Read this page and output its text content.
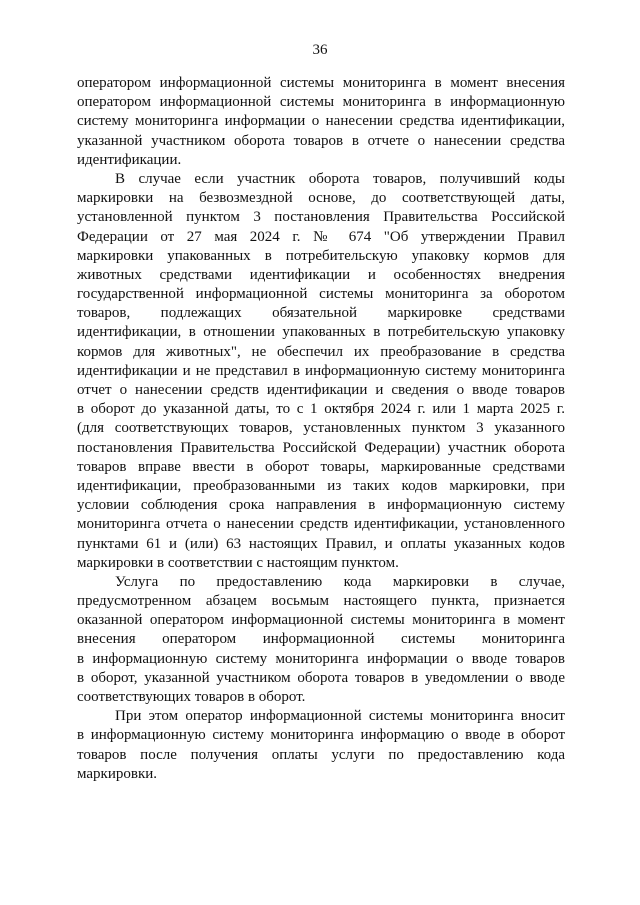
36
оператором информационной системы мониторинга в момент внесения
оператором информационной системы мониторинга в информационную
систему мониторинга информации о нанесении средства идентификации,
указанной участником оборота товаров в отчете о нанесении средства
идентификации.
В случае если участник оборота товаров, получивший коды
маркировки на безвозмездной основе, до соответствующей даты,
установленной пунктом 3 постановления Правительства Российской
Федерации от 27 мая 2024 г. № 674 "Об утверждении Правил
маркировки упакованных в потребительскую упаковку кормов для
животных средствами идентификации и особенностях внедрения
государственной информационной системы мониторинга за оборотом
товаров, подлежащих обязательной маркировке средствами
идентификации, в отношении упакованных в потребительскую упаковку
кормов для животных", не обеспечил их преобразование в средства
идентификации и не представил в информационную систему мониторинга
отчет о нанесении средств идентификации и сведения о вводе товаров
в оборот до указанной даты, то с 1 октября 2024 г. или 1 марта 2025 г.
(для соответствующих товаров, установленных пунктом 3 указанного
постановления Правительства Российской Федерации) участник оборота
товаров вправе ввести в оборот товары, маркированные средствами
идентификации, преобразованными из таких кодов маркировки, при
условии соблюдения срока направления в информационную систему
мониторинга отчета о нанесении средств идентификации, установленного
пунктами 61 и (или) 63 настоящих Правил, и оплаты указанных кодов
маркировки в соответствии с настоящим пунктом.
Услуга по предоставлению кода маркировки в случае,
предусмотренном абзацем восьмым настоящего пункта, признается
оказанной оператором информационной системы мониторинга в момент
внесения оператором информационной системы мониторинга
в информационную систему мониторинга информации о вводе товаров
в оборот, указанной участником оборота товаров в уведомлении о вводе
соответствующих товаров в оборот.
При этом оператор информационной системы мониторинга вносит
в информационную систему мониторинга информацию о вводе в оборот
товаров после получения оплаты услуги по предоставлению кода
маркировки.
